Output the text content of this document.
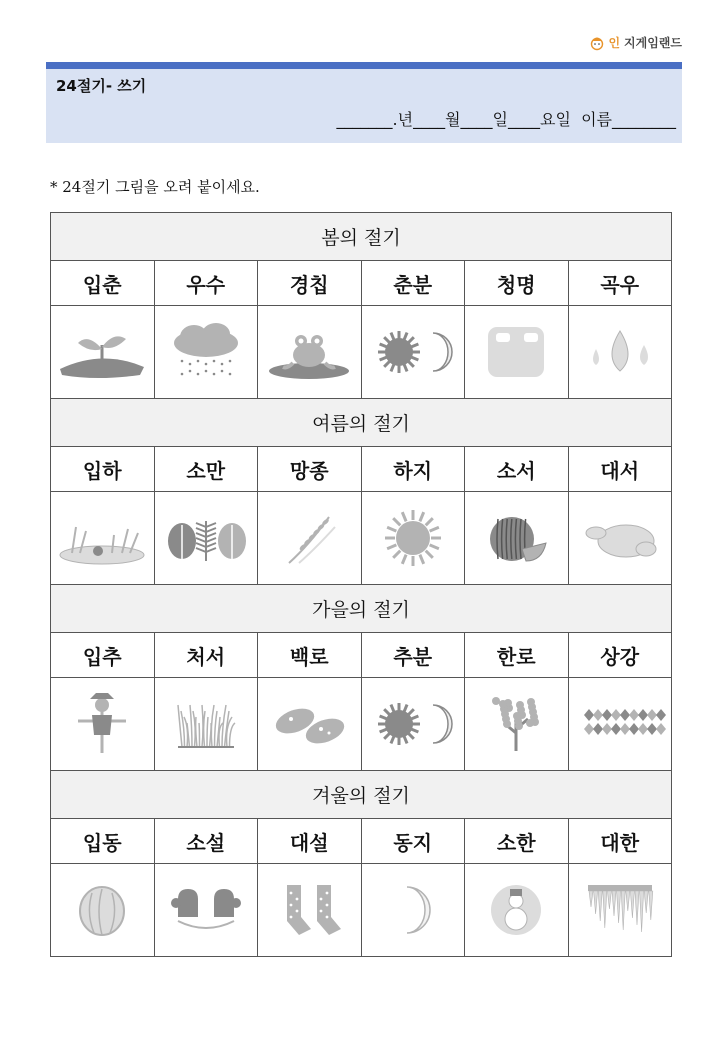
인 지게임랜드
24절기- 쓰기
_______.년____월____일____요일  이름________
* 24절기 그림을 오려 붙이세요.
봄의 절기					
입춘	우수	경칩	춘분	청명	곡우

여름의 절기					
입하	소만	망종	하지	소서	대서

가을의 절기					
입추	처서	백로	추분	한로	상강

겨울의 절기					
입동	소설	대설	동지	소한	대한
